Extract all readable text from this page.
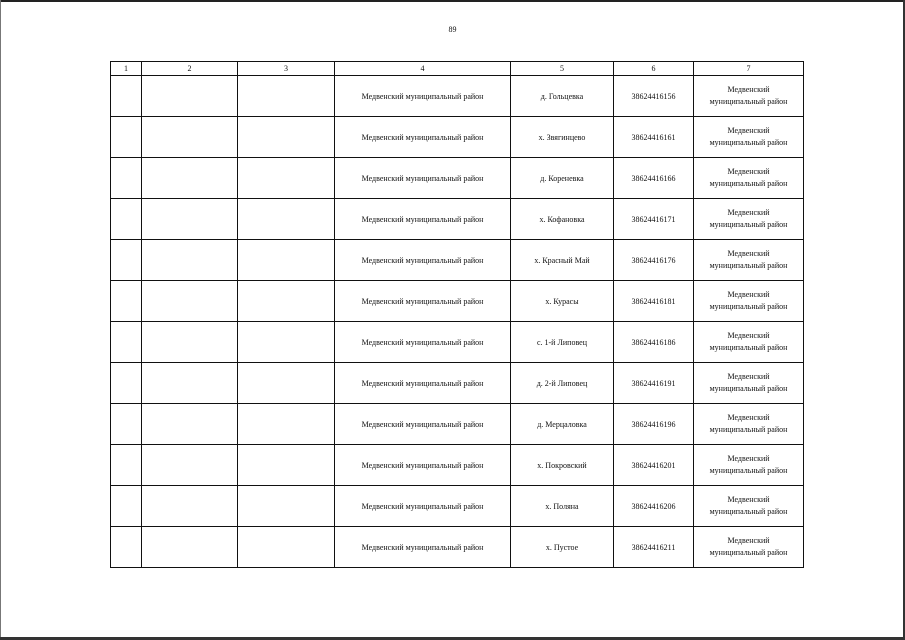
89
1	2	3	4	5	6	7
			Медвенский муниципальный район	д. Гольцевка	38624416156	Медвенский
муниципальный район

			Медвенский муниципальный район	х. Звягинцево	38624416161	Медвенский
муниципальный район

			Медвенский муниципальный район	д. Кореневка	38624416166	Медвенский
муниципальный район

			Медвенский муниципальный район	х. Кофановка	38624416171	Медвенский
муниципальный район

			Медвенский муниципальный район	х. Красный Май	38624416176	Медвенский
муниципальный район

			Медвенский муниципальный район	х. Курасы	38624416181	Медвенский
муниципальный район

			Медвенский муниципальный район	с. 1-й Липовец	38624416186	Медвенский
муниципальный район

			Медвенский муниципальный район	д. 2-й Липовец	38624416191	Медвенский
муниципальный район

			Медвенский муниципальный район	д. Мерцаловка	38624416196	Медвенский
муниципальный район

			Медвенский муниципальный район	х. Покровский	38624416201	Медвенский
муниципальный район

			Медвенский муниципальный район	х. Поляна	38624416206	Медвенский
муниципальный район

			Медвенский муниципальный район	х. Пустое	38624416211	Медвенский
муниципальный район
